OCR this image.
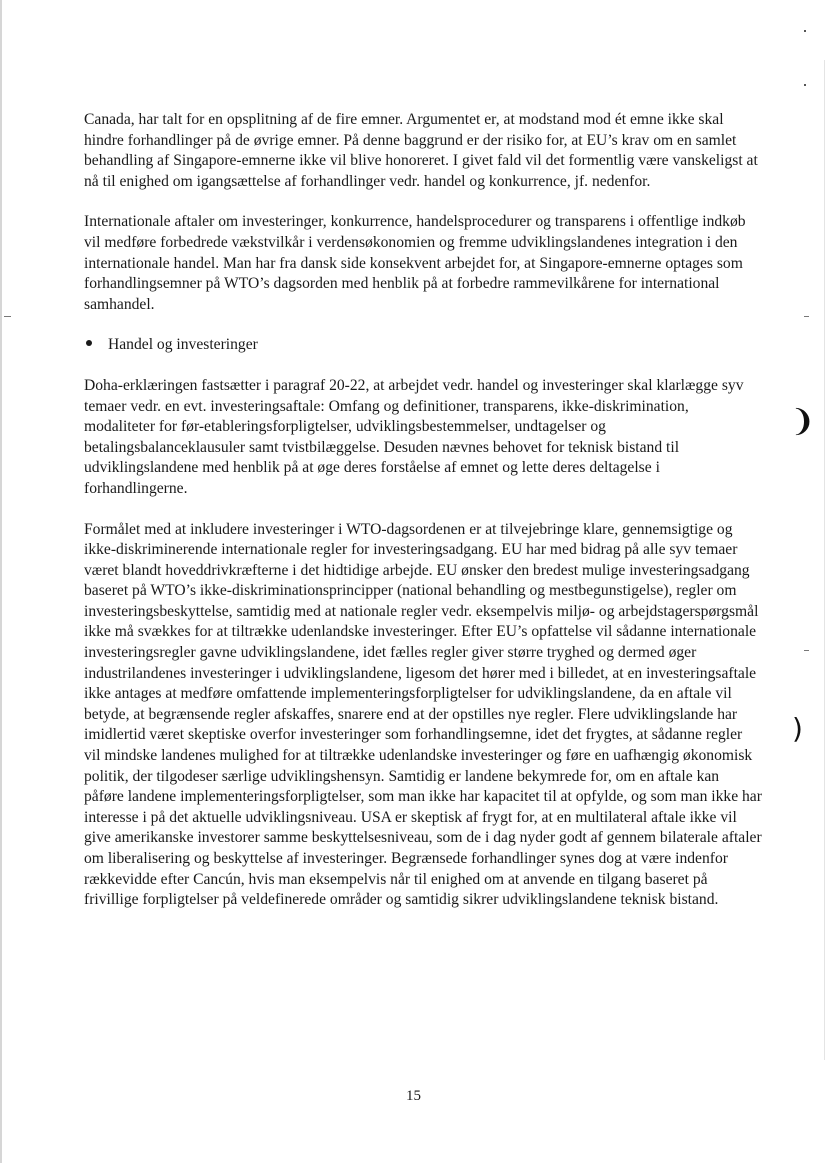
❩
)

Canada, har talt for en opsplitning af de fire emner. Argumentet er, at modstand mod ét emne ikke skal hindre forhandlinger på de øvrige emner. På denne baggrund er der risiko for, at EU’s krav om en samlet behandling af Singapore-emnerne ikke vil blive honoreret. I givet fald vil det formentlig være vanskeligst at nå til enighed om igangsættelse af forhandlinger vedr. handel og konkurrence, jf. nedenfor.

Internationale aftaler om investeringer, konkurrence, handelsprocedurer og transparens i offentlige indkøb vil medføre forbedrede vækstvilkår i verdensøkonomien og fremme udviklingslandenes integration i den internationale handel. Man har fra dansk side konsekvent arbejdet for, at Singapore-emnerne optages som forhandlingsemner på WTO’s dagsorden med henblik på at forbedre rammevilkårene for international samhandel.

Handel og investeringer

Doha-erklæringen fastsætter i paragraf 20-22, at arbejdet vedr. handel og investeringer skal klarlægge syv temaer vedr. en evt. investeringsaftale: Omfang og definitioner, transparens, ikke-diskrimination, modaliteter for før-etableringsforpligtelser, udviklingsbestemmelser, undtagelser og betalingsbalanceklausuler samt tvistbilæggelse. Desuden nævnes behovet for teknisk bistand til udviklingslandene med henblik på at øge deres forståelse af emnet og lette deres deltagelse i forhandlingerne.

Formålet med at inkludere investeringer i WTO-dagsordenen er at tilvejebringe klare, gennemsigtige og ikke-diskriminerende internationale regler for investeringsadgang. EU har med bidrag på alle syv temaer været blandt hoveddrivkræfterne i det hidtidige arbejde. EU ønsker den bredest mulige investeringsadgang baseret på WTO’s ikke-diskriminationsprincipper (national behandling og mestbegunstigelse), regler om investeringsbeskyttelse, samtidig med at nationale regler vedr. eksempelvis miljø- og arbejdstagerspørgsmål ikke må svækkes for at tiltrække udenlandske investeringer. Efter EU’s opfattelse vil sådanne internationale investeringsregler gavne udviklingslandene, idet fælles regler giver større tryghed og dermed øger industrilandenes investeringer i udviklingslandene, ligesom det hører med i billedet, at en investeringsaftale ikke antages at medføre omfattende implementeringsforpligtelser for udviklingslandene, da en aftale vil betyde, at begrænsende regler afskaffes, snarere end at der opstilles nye regler. Flere udviklingslande har imidlertid været skeptiske overfor investeringer som forhandlingsemne, idet det frygtes, at sådanne regler vil mindske landenes mulighed for at tiltrække udenlandske investeringer og føre en uafhængig økonomisk politik, der tilgodeser særlige udviklingshensyn. Samtidig er landene bekymrede for, om en aftale kan påføre landene implementeringsforpligtelser, som man ikke har kapacitet til at opfylde, og som man ikke har interesse i på det aktuelle udviklingsniveau. USA er skeptisk af frygt for, at en multilateral aftale ikke vil give amerikanske investorer samme beskyttelsesniveau, som de i dag nyder godt af gennem bilaterale aftaler om liberalisering og beskyttelse af investeringer. Begrænsede forhandlinger synes dog at være indenfor rækkevidde efter Cancún, hvis man eksempelvis når til enighed om at anvende en tilgang baseret på frivillige forpligtelser på veldefinerede områder og samtidig sikrer udviklingslandene teknisk bistand.

15
